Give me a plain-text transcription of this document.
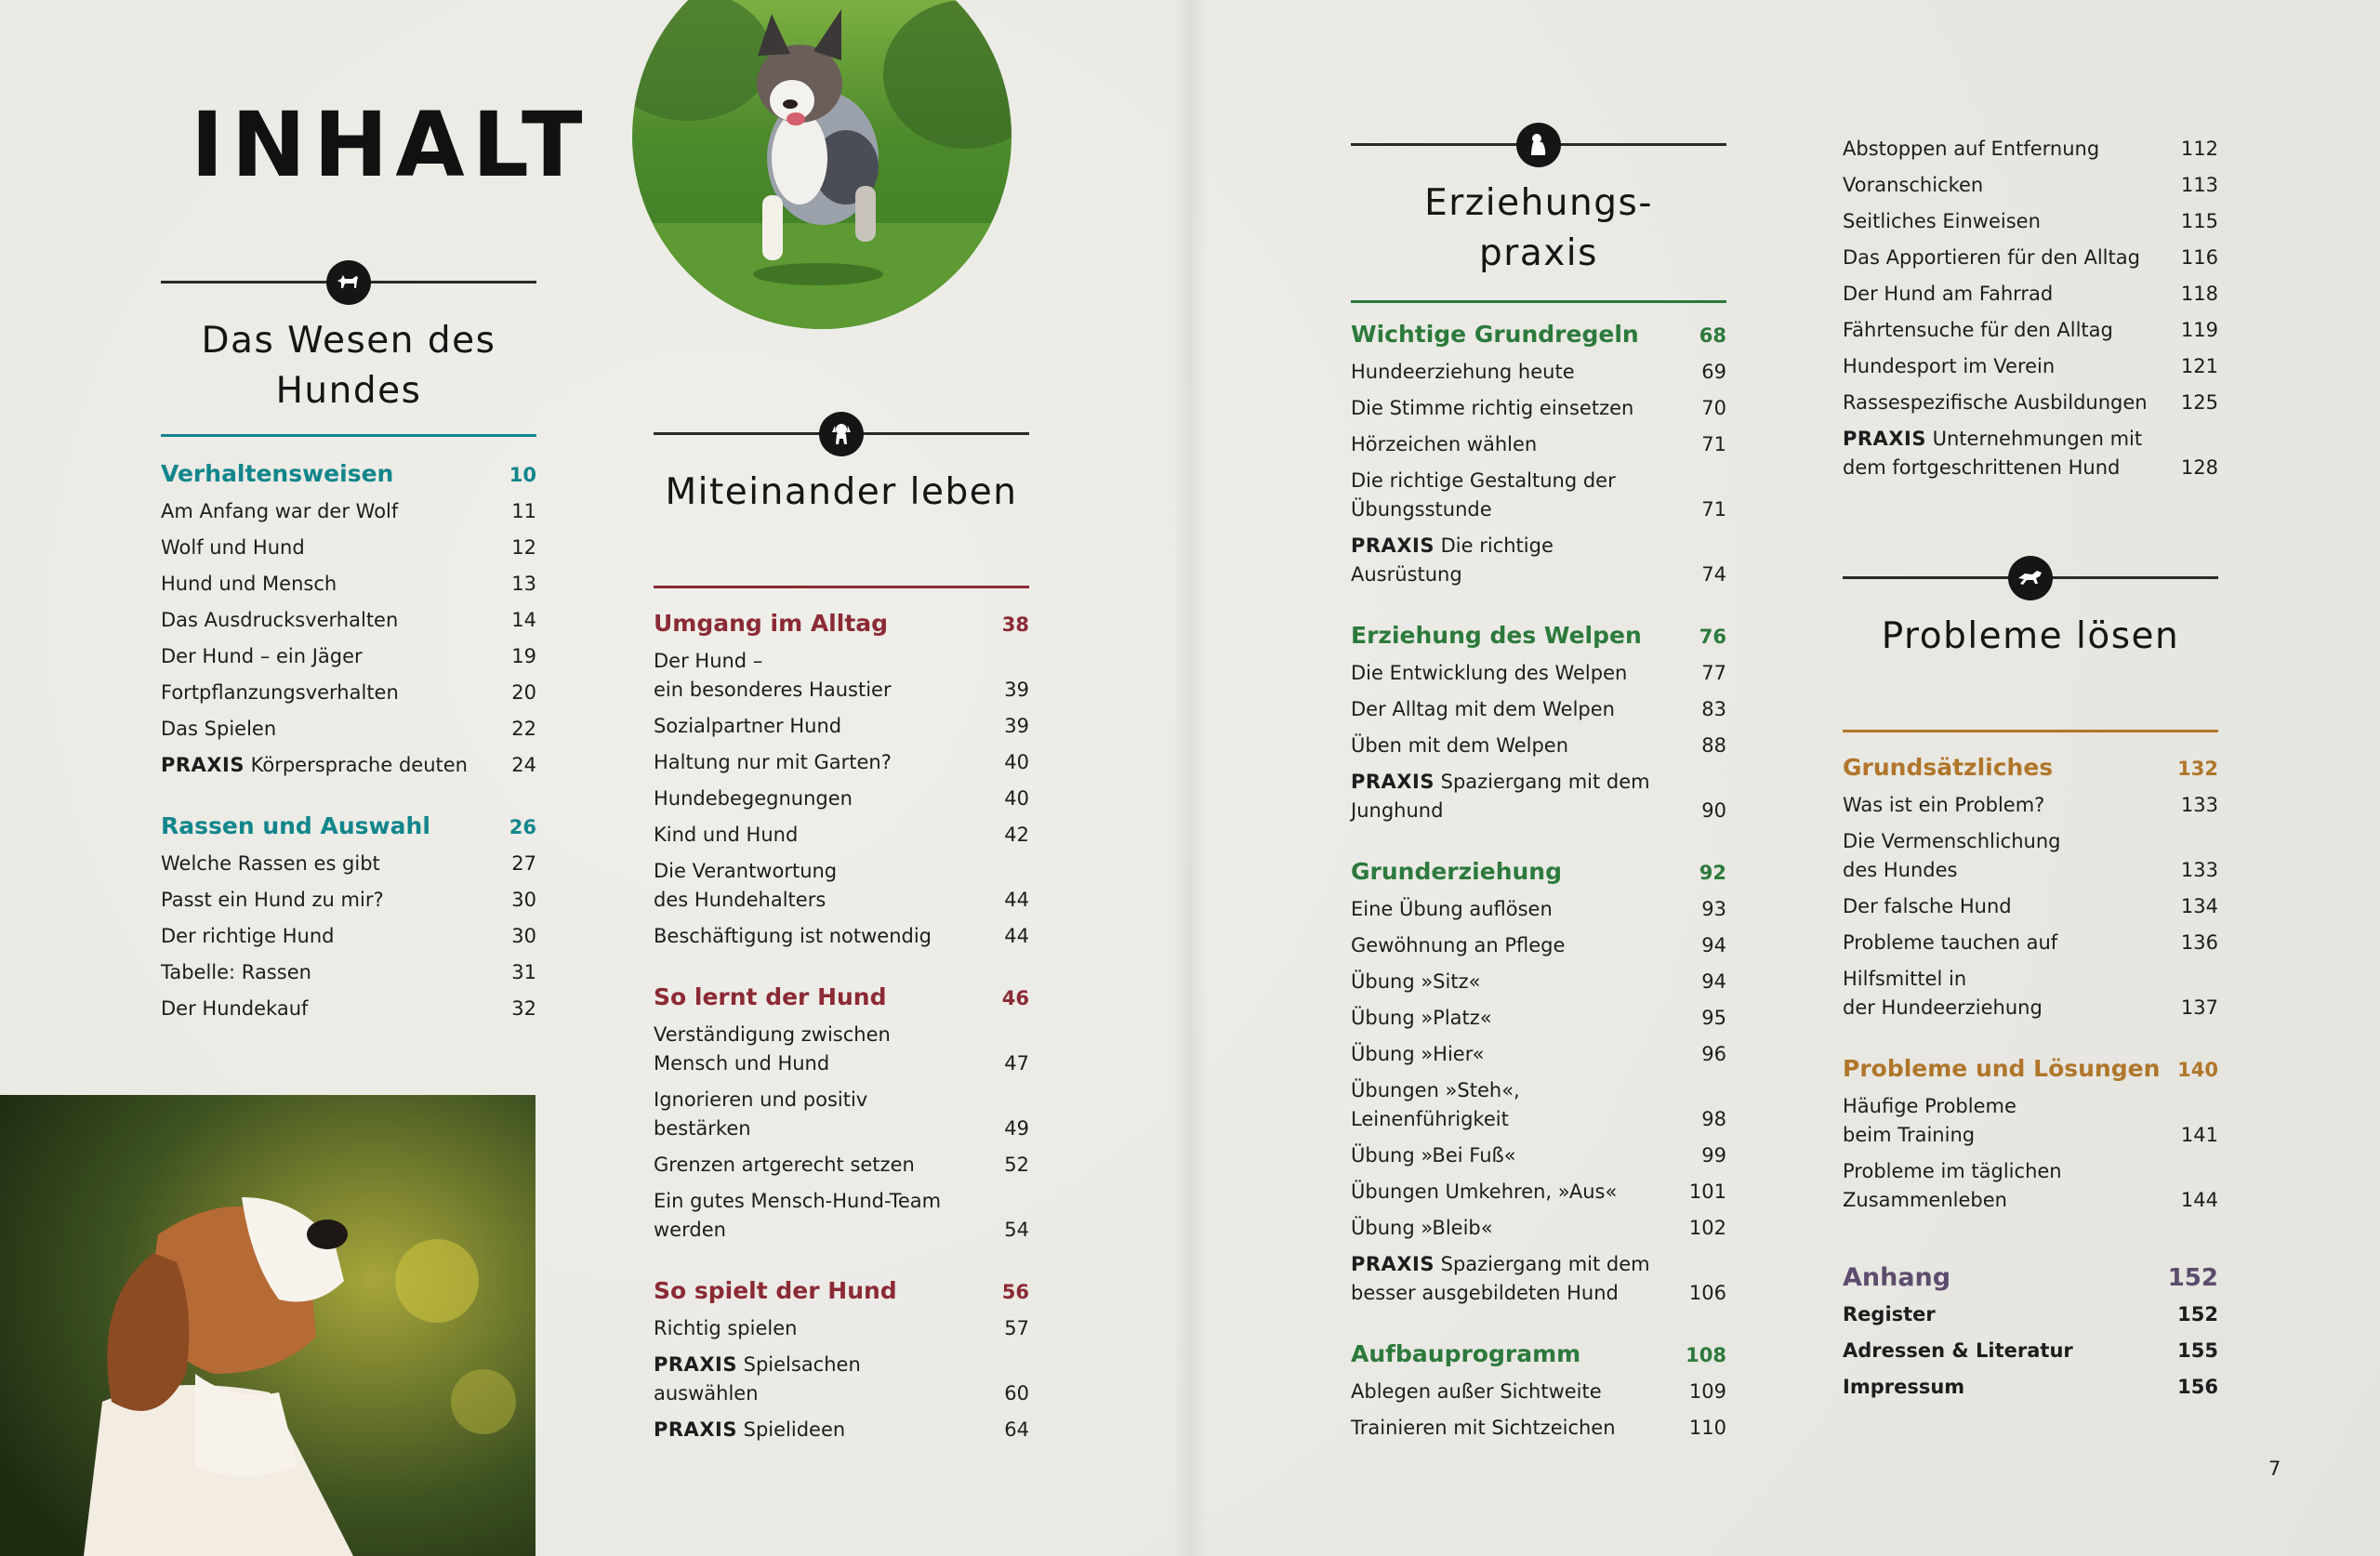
INHALT
Das Wesen des Hundes
Verhaltensweisen	10
Am Anfang war der Wolf	11
Wolf und Hund	12
Hund und Mensch	13
Das Ausdrucksverhalten	14
Der Hund – ein Jäger	19
Fortpflanzungsverhalten	20
Das Spielen	22
PRAXIS Körpersprache deuten	24
Rassen und Auswahl	26
Welche Rassen es gibt	27
Passt ein Hund zu mir?	30
Der richtige Hund	30
Tabelle: Rassen	31
Der Hundekauf	32
Miteinander leben
Umgang im Alltag	38
Der Hund –
ein besonderes Haustier	39
Sozialpartner Hund	39
Haltung nur mit Garten?	40
Hundebegegnungen	40
Kind und Hund	42
Die Verantwortung
des Hundehalters	44
Beschäftigung ist notwendig	44
So lernt der Hund	46
Verständigung zwischen
Mensch und Hund	47
Ignorieren und positiv
bestärken	49
Grenzen artgerecht setzen	52
Ein gutes Mensch-Hund-Team
werden	54
So spielt der Hund	56
Richtig spielen	57
PRAXIS Spielsachen auswählen	60
PRAXIS Spielideen	64
Erziehungs-
praxis
Wichtige Grundregeln	68
Hundeerziehung heute	69
Die Stimme richtig einsetzen	70
Hörzeichen wählen	71
Die richtige Gestaltung der
Übungsstunde	71
PRAXIS Die richtige Ausrüstung	74
Erziehung des Welpen	76
Die Entwicklung des Welpen	77
Der Alltag mit dem Welpen	83
Üben mit dem Welpen	88
PRAXIS Spaziergang mit dem
Junghund	90
Grunderziehung	92
Eine Übung auflösen	93
Gewöhnung an Pflege	94
Übung »Sitz«	94
Übung »Platz«	95
Übung »Hier«	96
Übungen »Steh«,
Leinenführigkeit	98
Übung »Bei Fuß«	99
Übungen Umkehren, »Aus«	101
Übung »Bleib«	102
PRAXIS Spaziergang mit dem
besser ausgebildeten Hund	106
Aufbauprogramm	108
Ablegen außer Sichtweite	109
Trainieren mit Sichtzeichen	110
Abstoppen auf Entfernung	112
Voranschicken	113
Seitliches Einweisen	115
Das Apportieren für den Alltag 116
Der Hund am Fahrrad	118
Fährtensuche für den Alltag	119
Hundesport im Verein	121
Rassespezifische Ausbildungen 125
PRAXIS Unternehmungen mit
dem fortgeschrittenen Hund	128
Probleme lösen
Grundsätzliches	132
Was ist ein Problem?	133
Die Vermenschlichung
des Hundes	133
Der falsche Hund	134
Probleme tauchen auf	136
Hilfsmittel in
der Hundeerziehung	137
Probleme und Lösungen 140
Häufige Probleme
beim Training	141
Probleme im täglichen
Zusammenleben	144
Anhang	152
Register	152
Adressen & Literatur	155
Impressum	156
7
